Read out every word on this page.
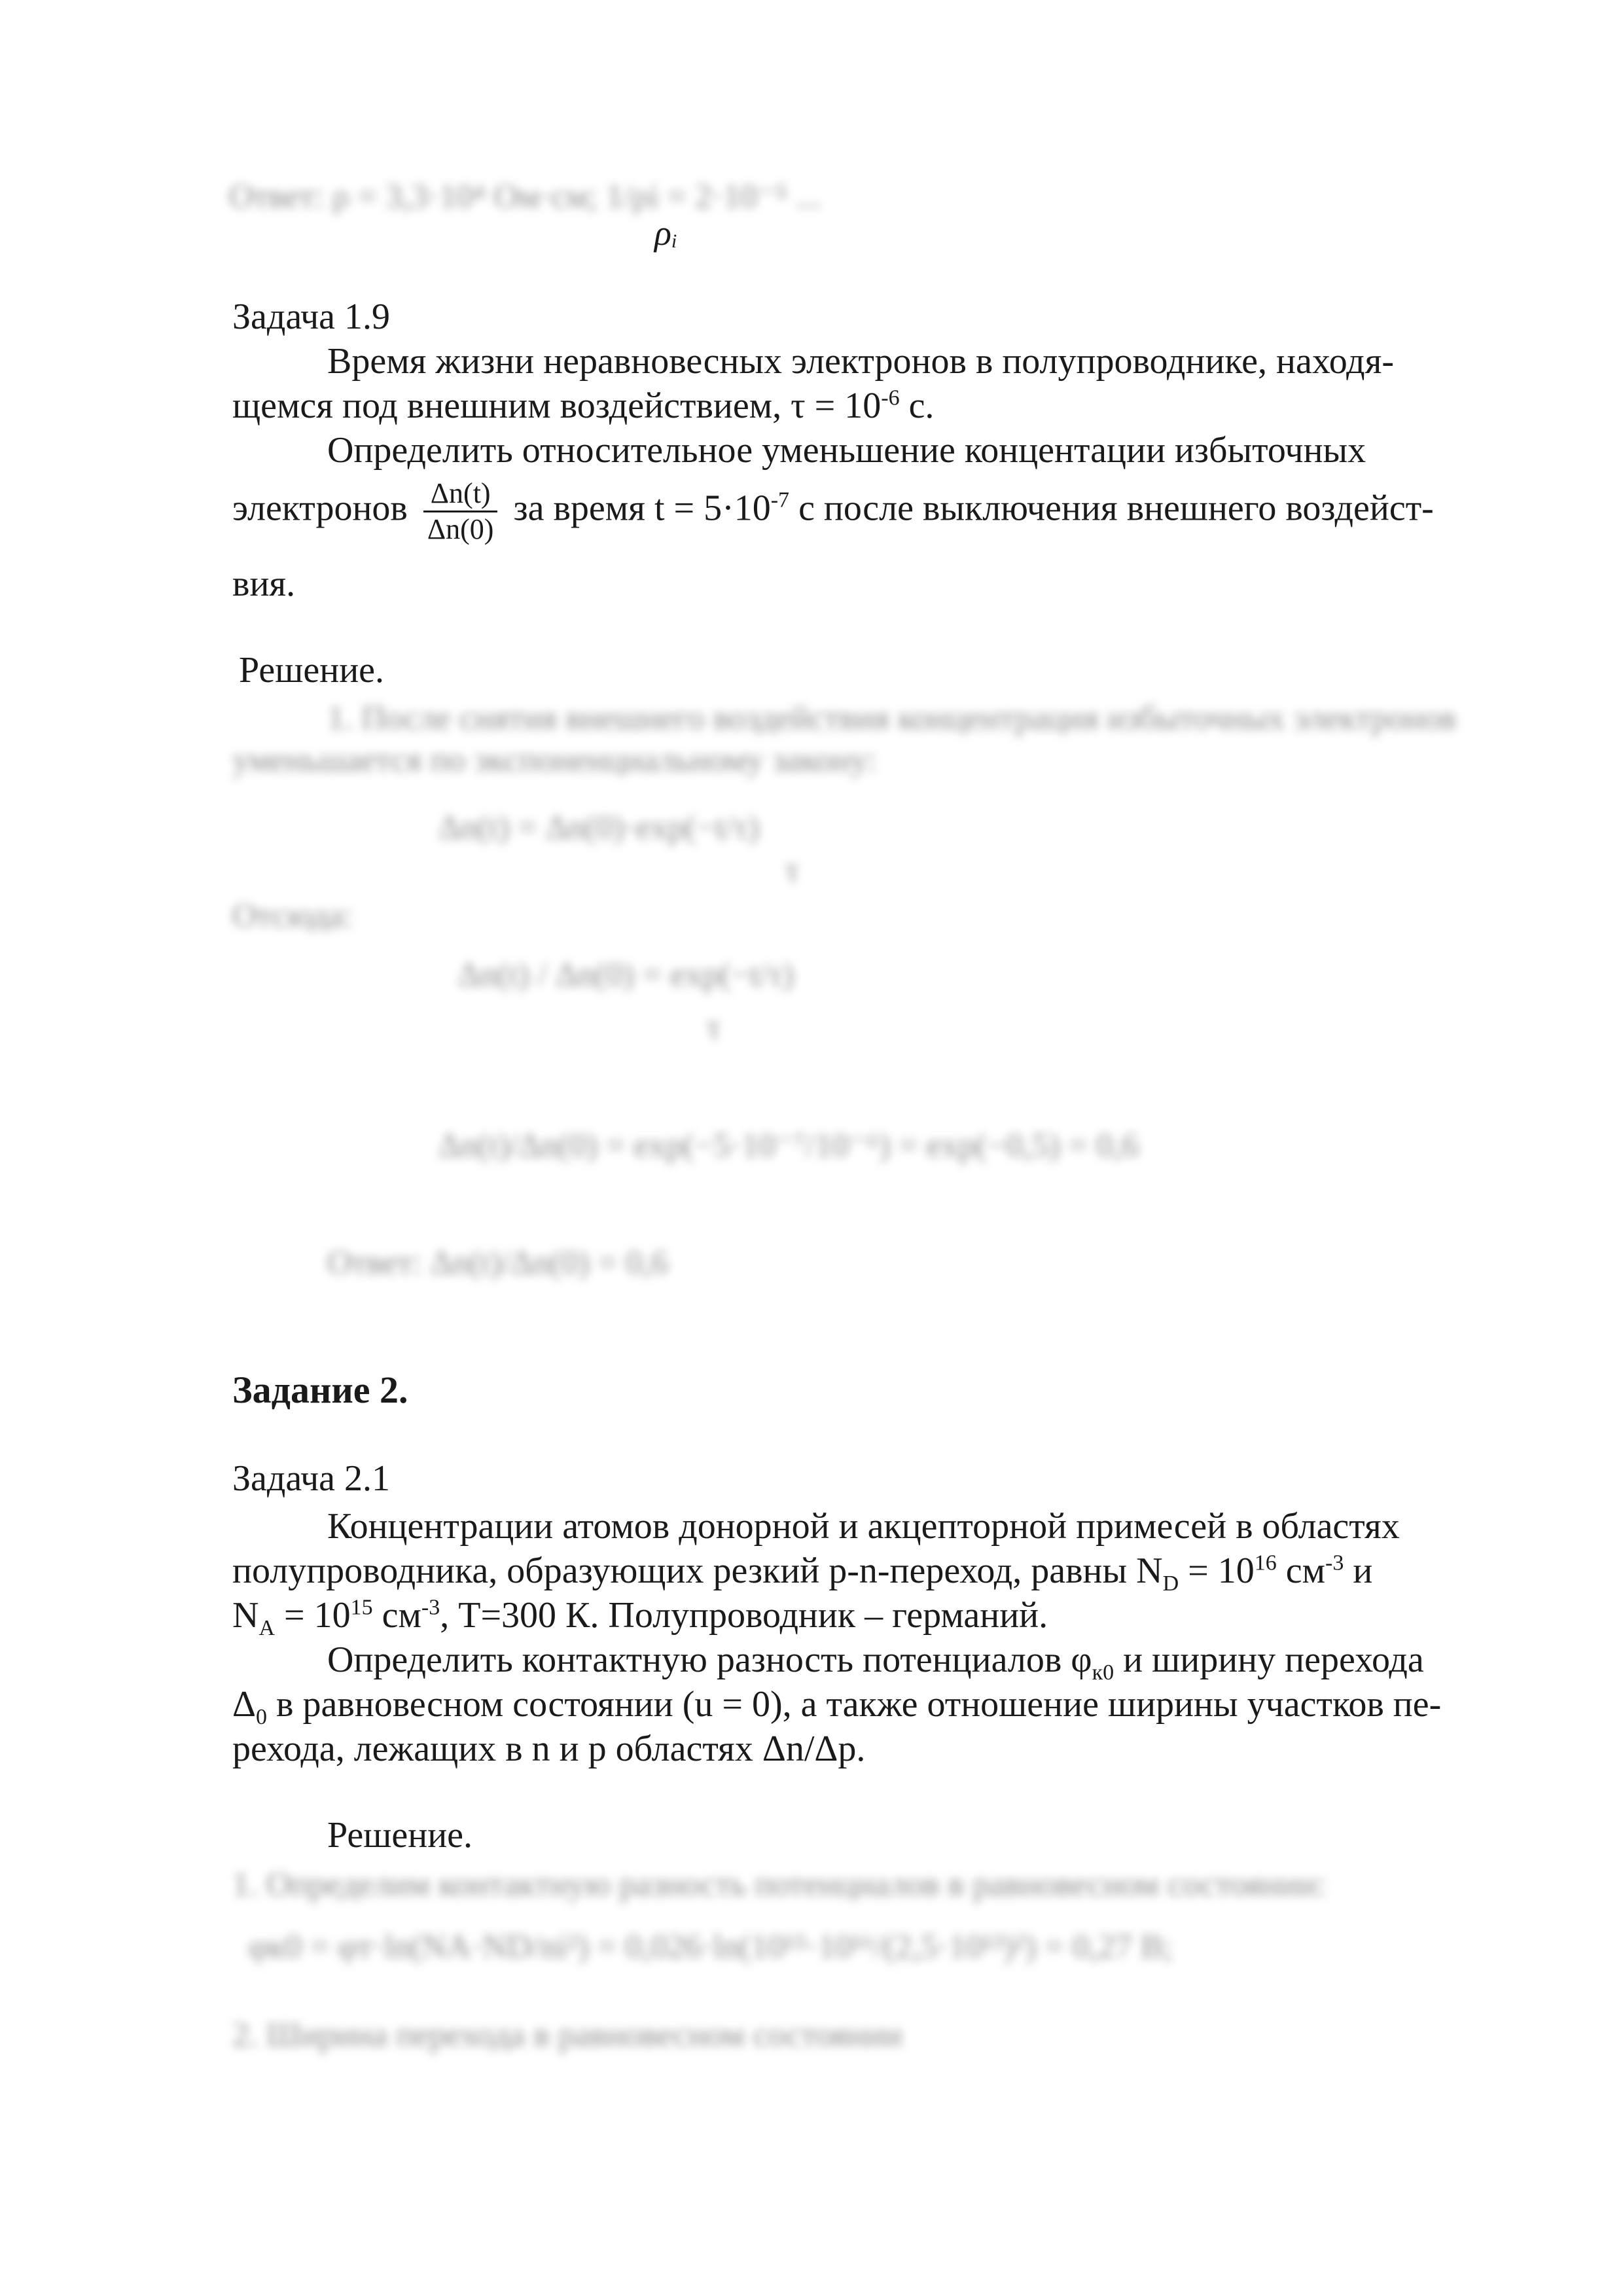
Ответ: ρ = 3,3·10⁴ Ом·см; 1/ρi = 2·10⁻⁵ ...
$\rho_i$
Задача 1.9
Время жизни неравновесных электронов в полупроводнике, находя-
щемся под внешним воздействием, $\tau = 10^{-6}$ с.
Определить относительное уменьшение концентации избыточных
электронов $\frac{\Delta n(t)}{\Delta n(0)}$ за время $t = 5\cdot 10^{-7}$ с после выключения внешнего воздейст-
вия.
Решение.
1. После снятия внешнего воздействия концентрация избыточных электронов
уменьшается по экспоненциальному закону:
Δn(t) = Δn(0)·exp(−t/τ)
τ
Отсюда:
Δn(t) / Δn(0) = exp(−t/τ)
τ
Δn(t)/Δn(0) = exp(−5·10⁻⁷/10⁻⁶) = exp(−0,5) = 0,6
Ответ: Δn(t)/Δn(0) = 0,6
Задание 2.
Задача 2.1
Концентрации атомов донорной и акцепторной примесей в областях
полупроводника, образующих резкий p-n-переход, равны $N_D = 10^{16}$ $см^{-3}$ и
$N_A = 10^{15}$ $см^{-3}$, T=300 К. Полупроводник – германий.
Определить контактную разность потенциалов $\varphi_{к0}$ и ширину перехода
$\Delta_0$ в равновесном состоянии (u = 0), а также отношение ширины участков пе-
рехода, лежащих в n и p областях Δn/Δp.
Решение.
1. Определим контактную разность потенциалов в равновесном состоянии:
φк0 = φт·ln(NA·ND/ni²) = 0,026·ln(10¹⁵·10¹⁶/(2,5·10¹³)²) = 0,27 В;
2. Ширина перехода в равновесном состоянии
